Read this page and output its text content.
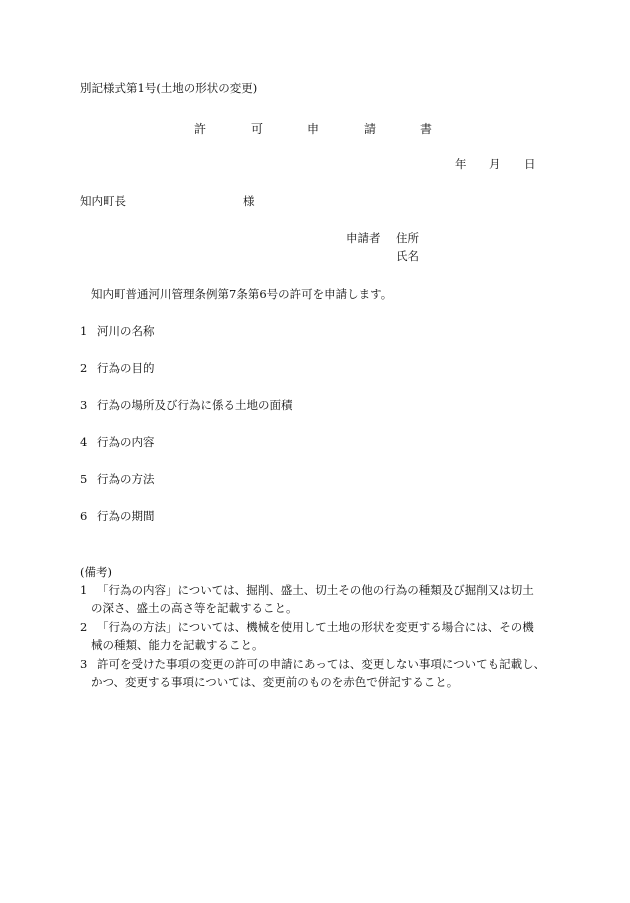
別記様式第1号(土地の形状の変更)
許	可	申	請	書
年 月 日
知内町長	様
申請者 住所
氏名
知内町普通河川管理条例第7条第6号の許可を申請します。
1 河川の名称
2 行為の目的
3 行為の場所及び行為に係る土地の面積
4 行為の内容
5 行為の方法
6 行為の期間
(備考)
1 「行為の内容」については、掘削、盛土、切土その他の行為の種類及び掘削又は切土
の深さ、盛土の高さ等を記載すること。
2 「行為の方法」については、機械を使用して土地の形状を変更する場合には、その機
械の種類、能力を記載すること。
3 許可を受けた事項の変更の許可の申請にあっては、変更しない事項についても記載し、
かつ、変更する事項については、変更前のものを赤色で併記すること。
